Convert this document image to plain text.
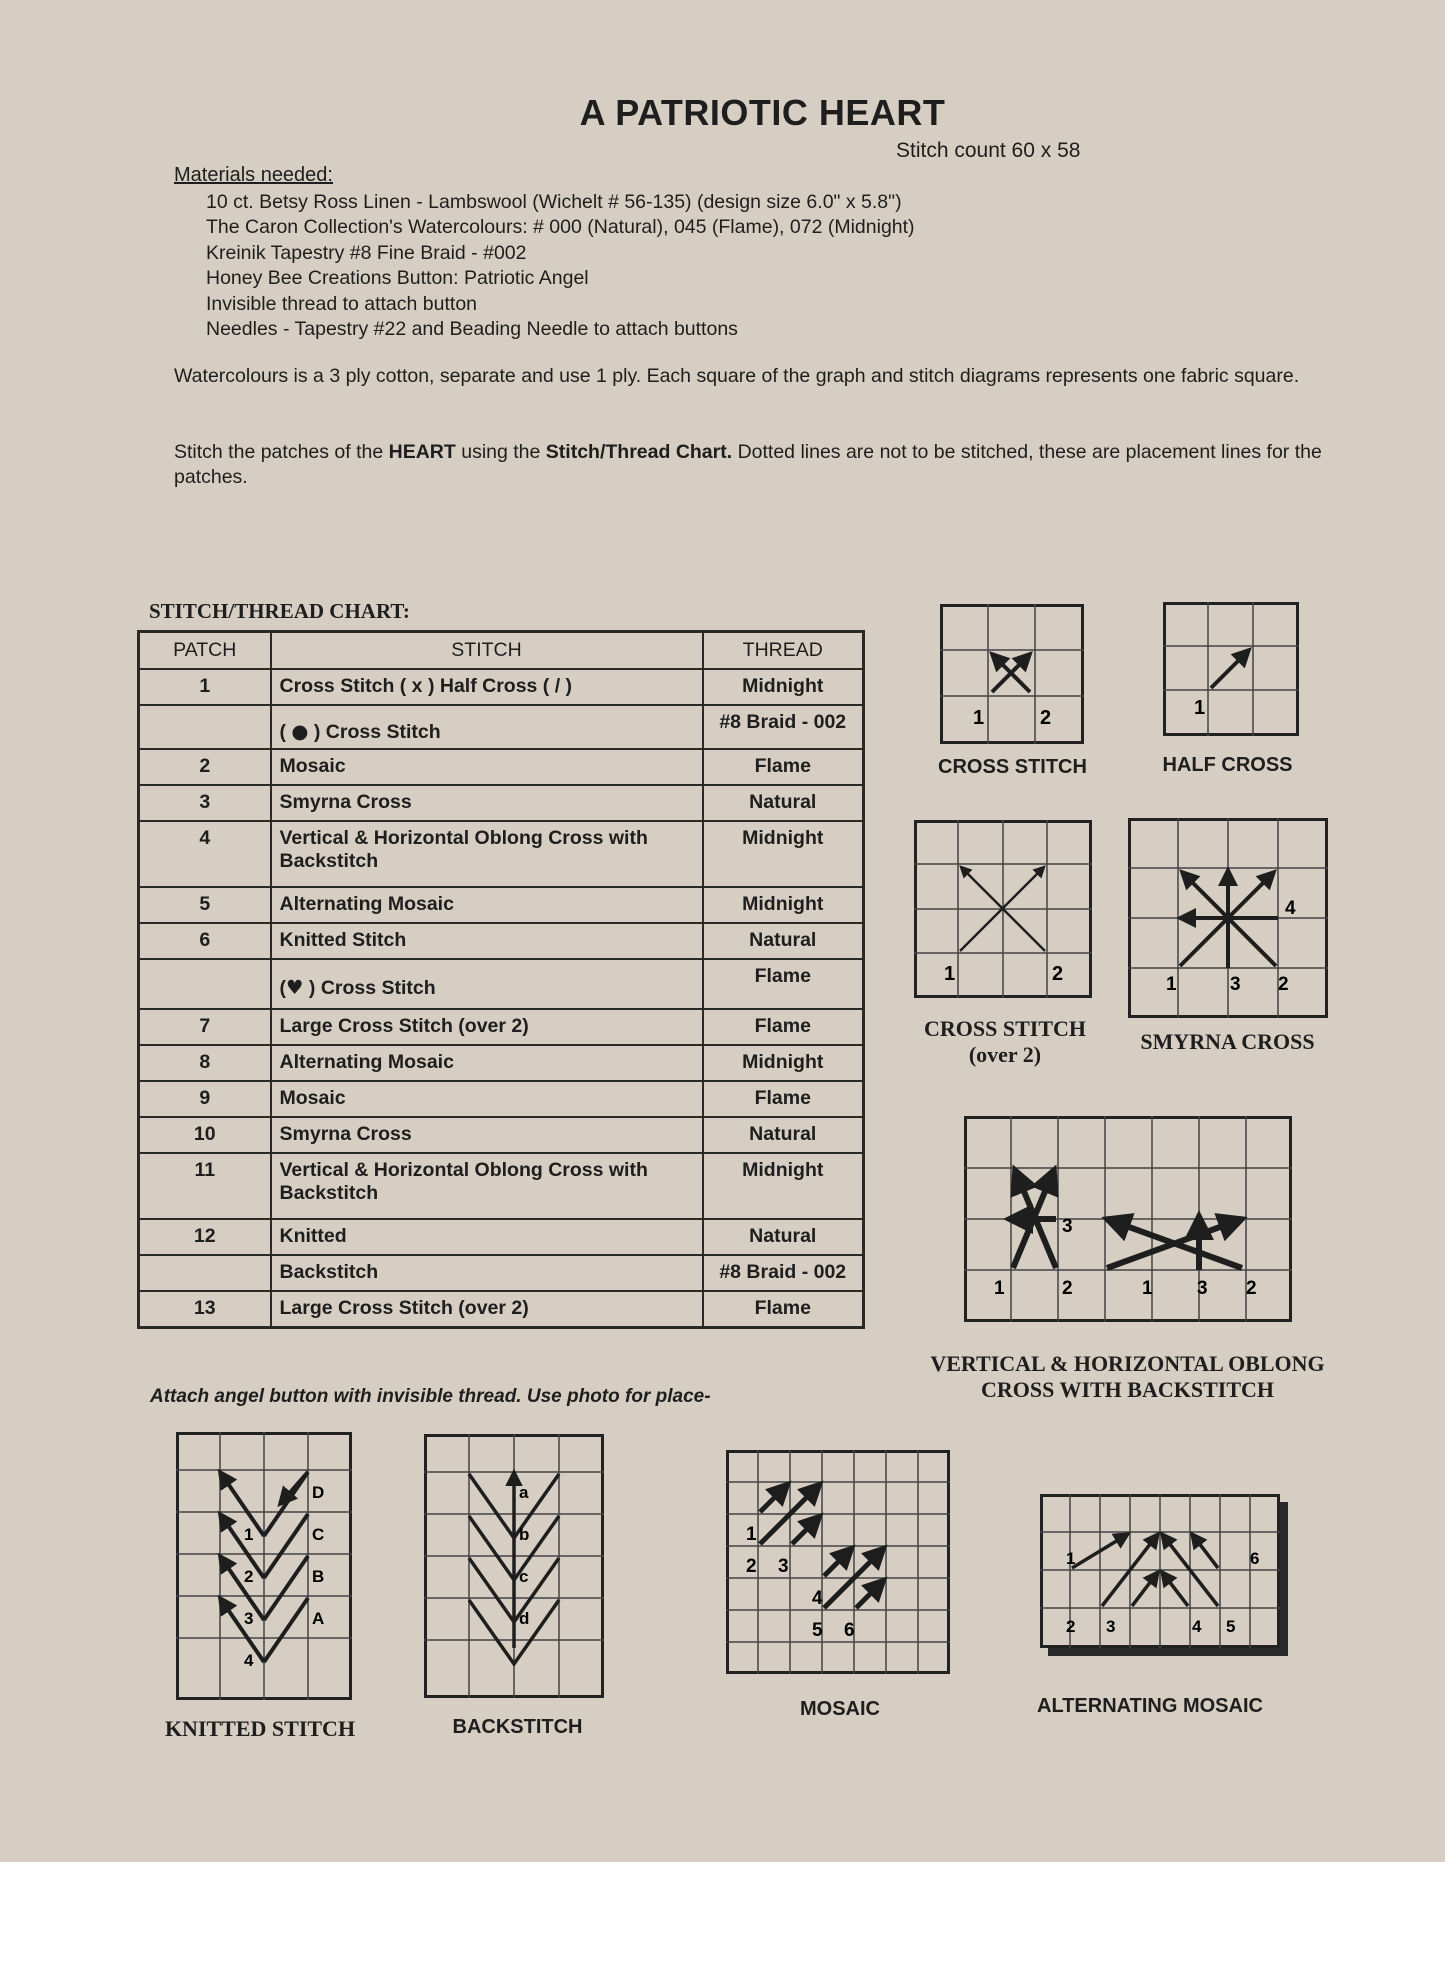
A PATRIOTIC HEART
Stitch count 60 x 58
Materials needed:
10 ct. Betsy Ross Linen - Lambswool (Wichelt # 56-135) (design size 6.0" x 5.8")
The Caron Collection's Watercolours: # 000 (Natural), 045 (Flame), 072 (Midnight)
Kreinik Tapestry #8 Fine Braid - #002
Honey Bee Creations Button: Patriotic Angel
Invisible thread to attach button
Needles - Tapestry #22 and Beading Needle to attach buttons
Watercolours is a 3 ply cotton, separate and use 1 ply. Each square of the graph and stitch diagrams represents one fabric square.
Stitch the patches of the HEART using the Stitch/Thread Chart. Dotted lines are not to be stitched, these are placement lines for the patches.
STITCH/THREAD CHART:
PATCH	STITCH	THREAD
1	Cross Stitch ( x ) Half Cross ( / )	Midnight
	( ● ) Cross Stitch	#8 Braid - 002
2	Mosaic	Flame
3	Smyrna Cross	Natural
4	Vertical & Horizontal Oblong Cross with Backstitch	Midnight
5	Alternating Mosaic	Midnight
6	Knitted Stitch	Natural
	(♥ ) Cross Stitch	Flame
7	Large Cross Stitch (over 2)	Flame
8	Alternating Mosaic	Midnight
9	Mosaic	Flame
10	Smyrna Cross	Natural
11	Vertical & Horizontal Oblong Cross with Backstitch	Midnight
12	Knitted	Natural
	Backstitch	#8 Braid - 002
13	Large Cross Stitch (over 2)	Flame
Attach angel button with invisible thread. Use photo for place-
1	2
CROSS STITCH
1
HALF CROSS
1	2
CROSS STITCH
(over 2)
1	3 2
4
SMYRNA CROSS
1	2
3
1 3 2
VERTICAL & HORIZONTAL OBLONG
CROSS WITH BACKSTITCH
1
2
3
4
D
C
B
A
KNITTED STITCH
a
b
c
d
BACKSTITCH
1
2 3
4
5 6
MOSAIC
1
2 3	4 5
6
ALTERNATING MOSAIC
